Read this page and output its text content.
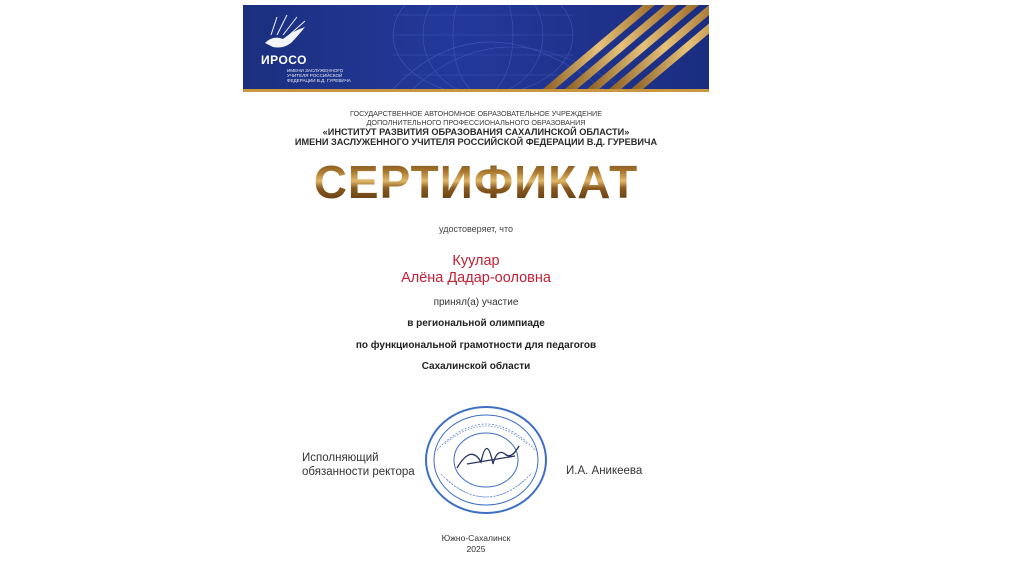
ИРОСО
ИМЕНИ ЗАСЛУЖЕННОГО УЧИТЕЛЯ РОССИЙСКОЙ ФЕДЕРАЦИИ В.Д. ГУРЕВИЧА
ГОСУДАРСТВЕННОЕ АВТОНОМНОЕ ОБРАЗОВАТЕЛЬНОЕ УЧРЕЖДЕНИЕ
ДОПОЛНИТЕЛЬНОГО ПРОФЕССИОНАЛЬНОГО ОБРАЗОВАНИЯ
«ИНСТИТУТ РАЗВИТИЯ ОБРАЗОВАНИЯ САХАЛИНСКОЙ ОБЛАСТИ»
ИМЕНИ ЗАСЛУЖЕННОГО УЧИТЕЛЯ РОССИЙСКОЙ ФЕДЕРАЦИИ В.Д. ГУРЕВИЧА
СЕРТИФИКАТ
удостоверяет, что
Куулар
Алёна Дадар-ооловна
принял(а) участие
в региональной олимпиаде
по функциональной грамотности для педагогов
Сахалинской области
Исполняющий
обязанности ректора	И.А. Аникеева
Южно-Сахалинск
2025
